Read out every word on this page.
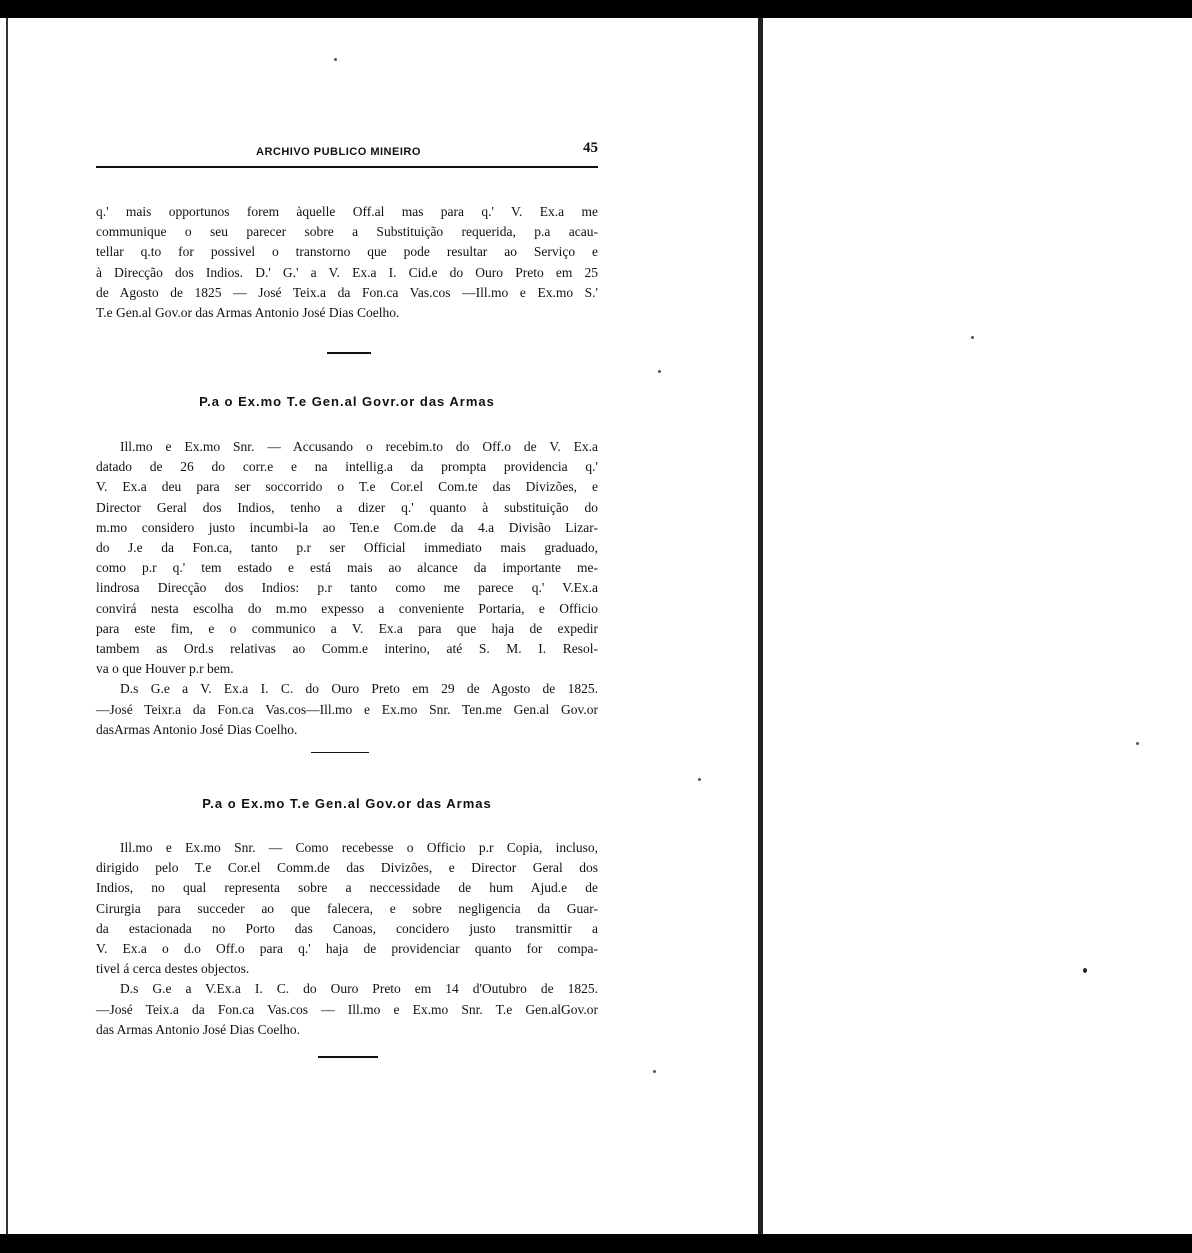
ARCHIVO PUBLICO MINEIRO	45
q.' mais opportunos forem àquelle Off.al mas para q.' V. Ex.a me
communique o seu parecer sobre a Substituição requerida, p.a acau-
tellar q.to for possivel o transtorno que pode resultar ao Serviço e
à Direcção dos Indios. D.' G.' a V. Ex.a I. Cid.e do Ouro Preto em 25
de Agosto de 1825 — José Teix.a da Fon.ca Vas.cos —Ill.mo e Ex.mo S.'
T.e Gen.al Gov.or das Armas Antonio José Dias Coelho.
P.a o Ex.mo T.e Gen.al Govr.or das Armas
Ill.mo e Ex.mo Snr. — Accusando o recebim.to do Off.o de V. Ex.a
datado de 26 do corr.e e na intellig.a da prompta providencia q.'
V. Ex.a deu para ser soccorrido o T.e Cor.el Com.te das Divizões, e
Director Geral dos Indios, tenho a dizer q.' quanto à substituição do
m.mo considero justo incumbi-la ao Ten.e Com.de da 4.a Divisão Lizar-
do J.e da Fon.ca, tanto p.r ser Official immediato mais graduado,
como p.r q.' tem estado e está mais ao alcance da importante me-
lindrosa Direcção dos Indios: p.r tanto como me parece q.' V.Ex.a
convirá nesta escolha do m.mo expesso a conveniente Portaria, e Officio
para este fim, e o communico a V. Ex.a para que haja de expedir
tambem as Ord.s relativas ao Comm.e interino, até S. M. I. Resol-
va o que Houver p.r bem.
D.s G.e a V. Ex.a I. C. do Ouro Preto em 29 de Agosto de 1825.
—José Teixr.a da Fon.ca Vas.cos—Ill.mo e Ex.mo Snr. Ten.me Gen.al Gov.or
dasArmas Antonio José Dias Coelho.
P.a o Ex.mo T.e Gen.al Gov.or das Armas
Ill.mo e Ex.mo Snr. — Como recebesse o Officio p.r Copia, incluso,
dirigido pelo T.e Cor.el Comm.de das Divizões, e Director Geral dos
Indios, no qual representa sobre a neccessidade de hum Ajud.e de
Cirurgia para succeder ao que falecera, e sobre negligencia da Guar-
da estacionada no Porto das Canoas, concidero justo transmittir a
V. Ex.a o d.o Off.o para q.' haja de providenciar quanto for compa-
tivel á cerca destes objectos.
D.s G.e a V.Ex.a I. C. do Ouro Preto em 14 d'Outubro de 1825.
—José Teix.a da Fon.ca Vas.cos — Ill.mo e Ex.mo Snr. T.e Gen.alGov.or
das Armas Antonio José Dias Coelho.
